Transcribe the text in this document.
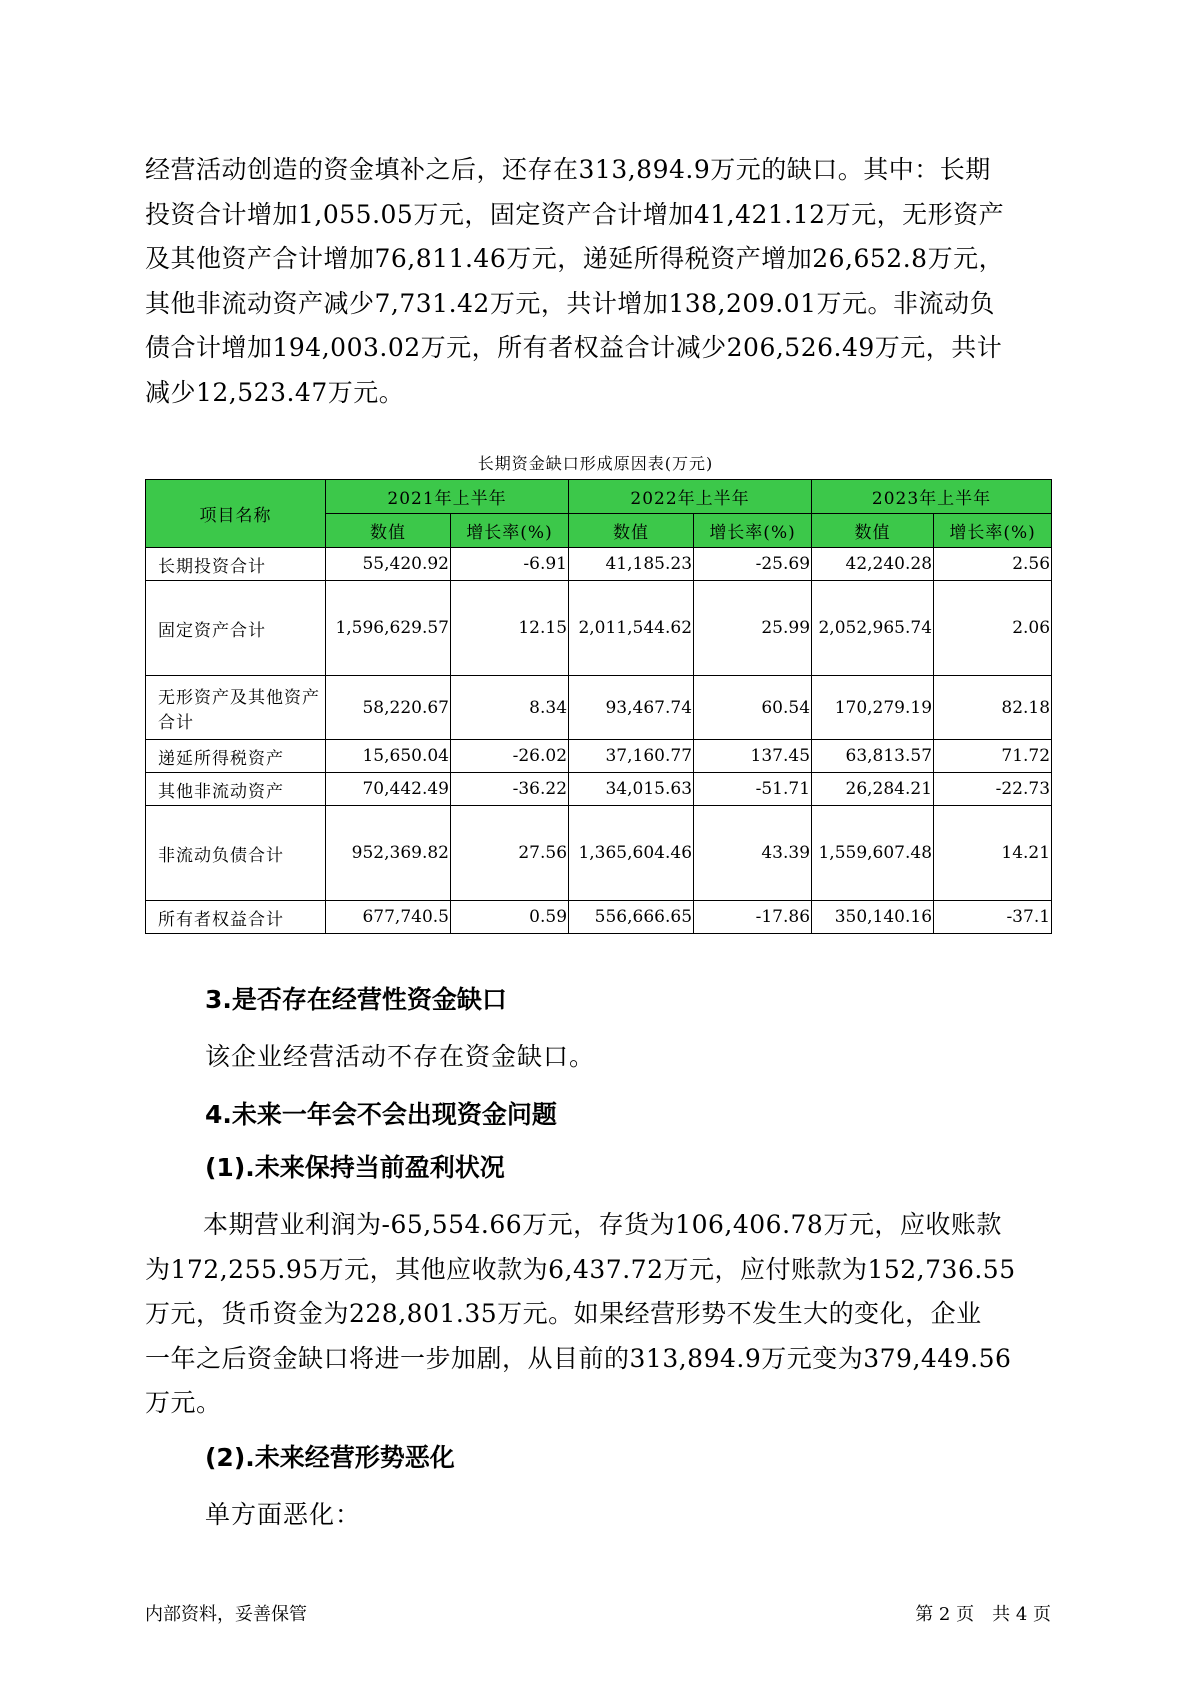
经营活动创造的资金填补之后，还存在313,894.9万元的缺口。其中：长期
投资合计增加1,055.05万元，固定资产合计增加41,421.12万元，无形资产
及其他资产合计增加76,811.46万元，递延所得税资产增加26,652.8万元，
其他非流动资产减少7,731.42万元，共计增加138,209.01万元。非流动负
债合计增加194,003.02万元，所有者权益合计减少206,526.49万元，共计
减少12,523.47万元。
长期资金缺口形成原因表(万元)
项目名称	2021年上半年		2022年上半年		2023年上半年	
	数值	增长率(%)	数值	增长率(%)	数值	增长率(%)
长期投资合计	55,420.92	-6.91	41,185.23	-25.69	42,240.28	2.56
固定资产合计	1,596,629.57	12.15	2,011,544.62	25.99	2,052,965.74	2.06
无形资产及其他资产合计	58,220.67	8.34	93,467.74	60.54	170,279.19	82.18
递延所得税资产	15,650.04	-26.02	37,160.77	137.45	63,813.57	71.72
其他非流动资产	70,442.49	-36.22	34,015.63	-51.71	26,284.21	-22.73
非流动负债合计	952,369.82	27.56	1,365,604.46	43.39	1,559,607.48	14.21
所有者权益合计	677,740.5	0.59	556,666.65	-17.86	350,140.16	-37.1
3.是否存在经营性资金缺口
该企业经营活动不存在资金缺口。
4.未来一年会不会出现资金问题
(1).未来保持当前盈利状况
本期营业利润为-65,554.66万元，存货为106,406.78万元，应收账款
为172,255.95万元，其他应收款为6,437.72万元，应付账款为152,736.55
万元，货币资金为228,801.35万元。如果经营形势不发生大的变化，企业
一年之后资金缺口将进一步加剧，从目前的313,894.9万元变为379,449.56
万元。
(2).未来经营形势恶化
单方面恶化：
内部资料，妥善保管	第 2 页　共 4 页
